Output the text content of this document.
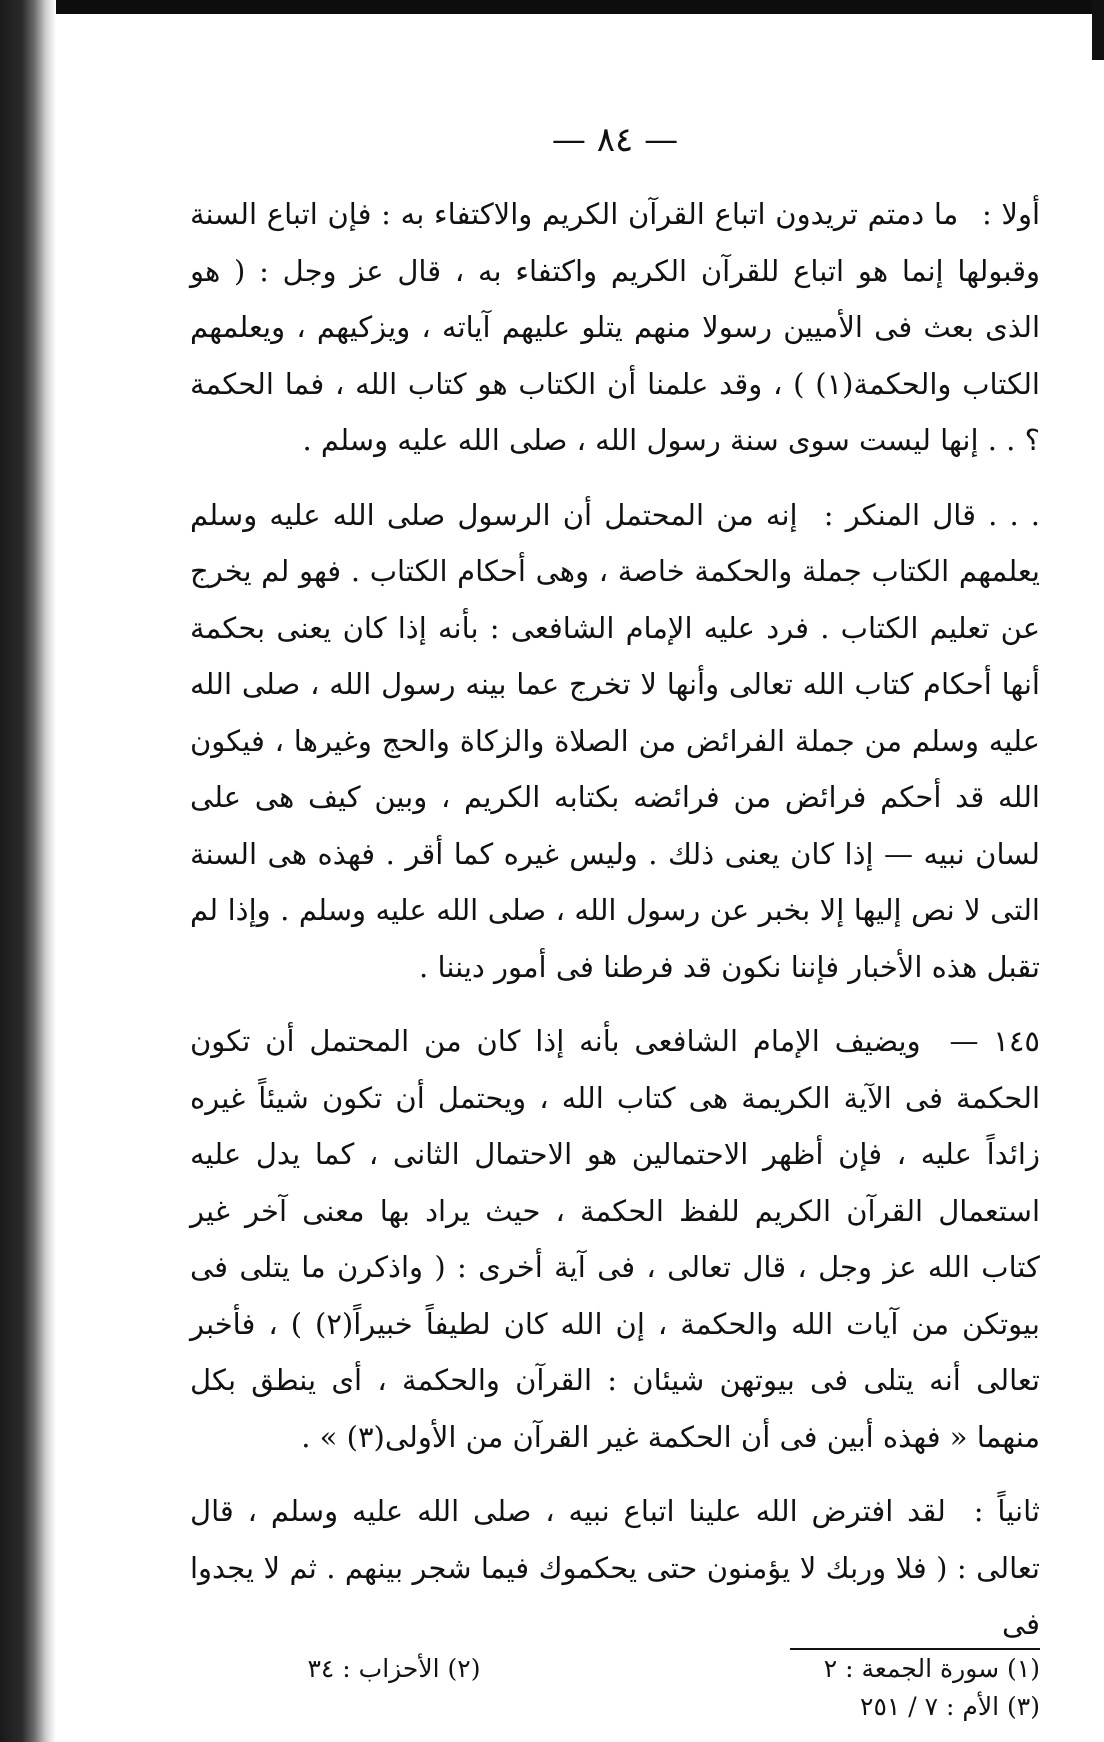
— ٨٤ —

أولا : ما دمتم تريدون اتباع القرآن الكريم والاكتفاء به : فإن اتباع السنة وقبولها إنما هو اتباع للقرآن الكريم واكتفاء به ، قال عز وجل : ( هو الذى بعث فى الأميين رسولا منهم يتلو عليهم آياته ، ويزكيهم ، ويعلمهم الكتاب والحكمة(١) ) ، وقد علمنا أن الكتاب هو كتاب الله ، فما الحكمة ؟ . . إنها ليست سوى سنة رسول الله ، صلى الله عليه وسلم .

. . . قال المنكر : إنه من المحتمل أن الرسول صلى الله عليه وسلم يعلمهم الكتاب جملة والحكمة خاصة ، وهى أحكام الكتاب . فهو لم يخرج عن تعليم الكتاب . فرد عليه الإمام الشافعى : بأنه إذا كان يعنى بحكمة أنها أحكام كتاب الله تعالى وأنها لا تخرج عما بينه رسول الله ، صلى الله عليه وسلم من جملة الفرائض من الصلاة والزكاة والحج وغيرها ، فيكون الله قد أحكم فرائض من فرائضه بكتابه الكريم ، وبين كيف هى على لسان نبيه — إذا كان يعنى ذلك . وليس غيره كما أقر . فهذه هى السنة التى لا نص إليها إلا بخبر عن رسول الله ، صلى الله عليه وسلم . وإذا لم تقبل هذه الأخبار فإننا نكون قد فرطنا فى أمور ديننا .

١٤٥ — ويضيف الإمام الشافعى بأنه إذا كان من المحتمل أن تكون الحكمة فى الآية الكريمة هى كتاب الله ، ويحتمل أن تكون شيئاً غيره زائداً عليه ، فإن أظهر الاحتمالين هو الاحتمال الثانى ، كما يدل عليه استعمال القرآن الكريم للفظ الحكمة ، حيث يراد بها معنى آخر غير كتاب الله عز وجل ، قال تعالى ، فى آية أخرى : ( واذكرن ما يتلى فى بيوتكن من آيات الله والحكمة ، إن الله كان لطيفاً خبيراً(٢) ) ، فأخبر تعالى أنه يتلى فى بيوتهن شيئان : القرآن والحكمة ، أى ينطق بكل منهما « فهذه أبين فى أن الحكمة غير القرآن من الأولى(٣) » .

ثانياً : لقد افترض الله علينا اتباع نبيه ، صلى الله عليه وسلم ، قال تعالى : ( فلا وربك لا يؤمنون حتى يحكموك فيما شجر بينهم . ثم لا يجدوا فى

(١) سورة الجمعة : ٢
(٢) الأحزاب : ٣٤
(٣) الأم : ٧ / ٢٥١
